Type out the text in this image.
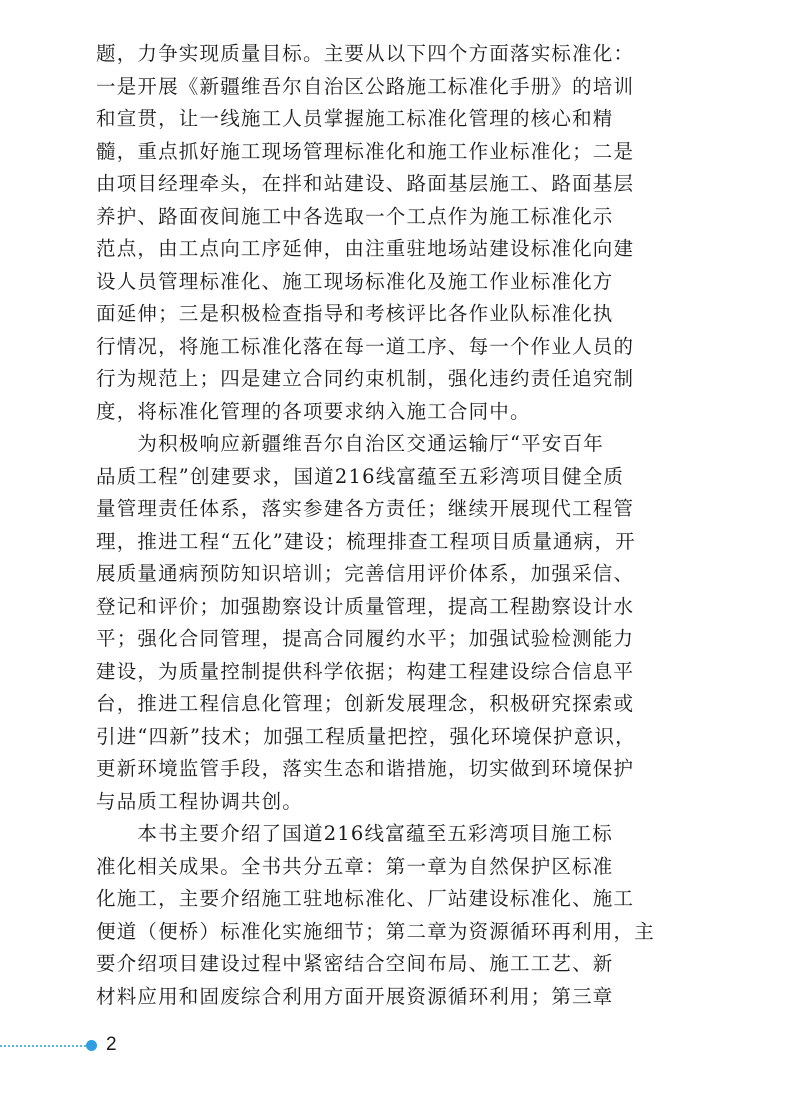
题，力争实现质量目标。主要从以下四个方面落实标准化：
一是开展《新疆维吾尔自治区公路施工标准化手册》的培训
和宣贯，让一线施工人员掌握施工标准化管理的核心和精
髓，重点抓好施工现场管理标准化和施工作业标准化；二是
由项目经理牵头，在拌和站建设、路面基层施工、路面基层
养护、路面夜间施工中各选取一个工点作为施工标准化示
范点，由工点向工序延伸，由注重驻地场站建设标准化向建
设人员管理标准化、施工现场标准化及施工作业标准化方
面延伸；三是积极检查指导和考核评比各作业队标准化执
行情况，将施工标准化落在每一道工序、每一个作业人员的
行为规范上；四是建立合同约束机制，强化违约责任追究制
度，将标准化管理的各项要求纳入施工合同中。
　　为积极响应新疆维吾尔自治区交通运输厅“平安百年
品质工程”创建要求，国道216线富蕴至五彩湾项目健全质
量管理责任体系，落实参建各方责任；继续开展现代工程管
理，推进工程“五化”建设；梳理排查工程项目质量通病，开
展质量通病预防知识培训；完善信用评价体系，加强采信、
登记和评价；加强勘察设计质量管理，提高工程勘察设计水
平；强化合同管理，提高合同履约水平；加强试验检测能力
建设，为质量控制提供科学依据；构建工程建设综合信息平
台，推进工程信息化管理；创新发展理念，积极研究探索或
引进“四新”技术；加强工程质量把控，强化环境保护意识，
更新环境监管手段，落实生态和谐措施，切实做到环境保护
与品质工程协调共创。
　　本书主要介绍了国道216线富蕴至五彩湾项目施工标
准化相关成果。全书共分五章：第一章为自然保护区标准
化施工，主要介绍施工驻地标准化、厂站建设标准化、施工
便道（便桥）标准化实施细节；第二章为资源循环再利用，主
要介绍项目建设过程中紧密结合空间布局、施工工艺、新
材料应用和固废综合利用方面开展资源循环利用；第三章
2
